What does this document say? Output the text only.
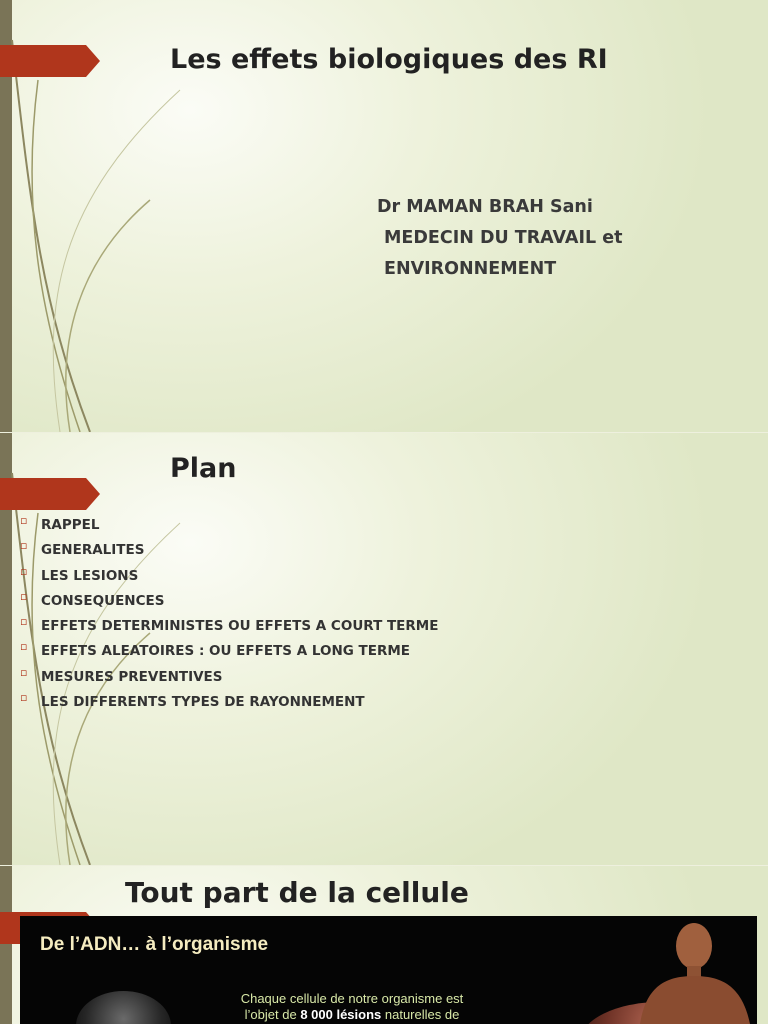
Les effets biologiques des RI
Dr MAMAN BRAH Sani
MEDECIN DU TRAVAIL et
ENVIRONNEMENT
Plan
▫ RAPPEL
▫ GENERALITES
▫ LES LESIONS
▫ CONSEQUENCES
▫ EFFETS DETERMINISTES OU EFFETS A COURT TERME
▫ EFFETS ALEATOIRES : OU EFFETS A LONG TERME
▫ MESURES PREVENTIVES
▫ LES DIFFERENTS TYPES DE RAYONNEMENT
Tout part de la cellule

De l’ADN… à l’organisme

Chaque cellule de notre organisme est
l’objet de 8 000 lésions naturelles de
